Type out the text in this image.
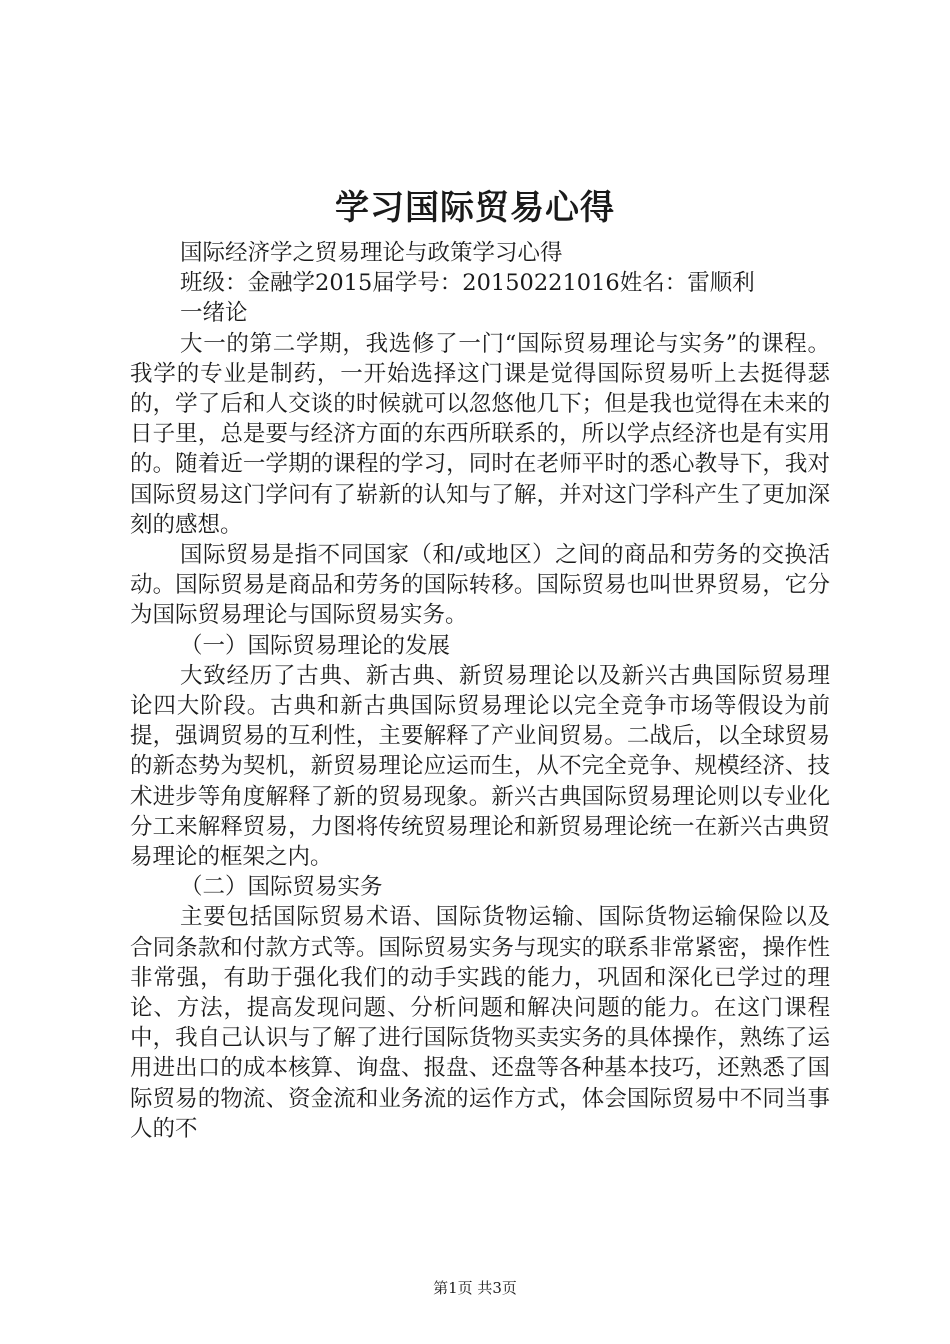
学习国际贸易心得

国际经济学之贸易理论与政策学习心得

班级：金融学2015届学号：20150221016姓名：雷顺利

一绪论

大一的第二学期，我选修了一门“国际贸易理论与实务”的课程。我学的专业是制药，一开始选择这门课是觉得国际贸易听上去挺得瑟的，学了后和人交谈的时候就可以忽悠他几下；但是我也觉得在未来的日子里，总是要与经济方面的东西所联系的，所以学点经济也是有实用的。随着近一学期的课程的学习，同时在老师平时的悉心教导下，我对国际贸易这门学问有了崭新的认知与了解，并对这门学科产生了更加深刻的感想。

国际贸易是指不同国家（和/或地区）之间的商品和劳务的交换活动。国际贸易是商品和劳务的国际转移。国际贸易也叫世界贸易，它分为国际贸易理论与国际贸易实务。

（一）国际贸易理论的发展

大致经历了古典、新古典、新贸易理论以及新兴古典国际贸易理论四大阶段。古典和新古典国际贸易理论以完全竞争市场等假设为前提，强调贸易的互利性，主要解释了产业间贸易。二战后，以全球贸易的新态势为契机，新贸易理论应运而生，从不完全竞争、规模经济、技术进步等角度解释了新的贸易现象。新兴古典国际贸易理论则以专业化分工来解释贸易，力图将传统贸易理论和新贸易理论统一在新兴古典贸易理论的框架之内。

（二）国际贸易实务

主要包括国际贸易术语、国际货物运输、国际货物运输保险以及合同条款和付款方式等。国际贸易实务与现实的联系非常紧密，操作性非常强，有助于强化我们的动手实践的能力，巩固和深化已学过的理论、方法，提高发现问题、分析问题和解决问题的能力。在这门课程中，我自己认识与了解了进行国际货物买卖实务的具体操作，熟练了运用进出口的成本核算、询盘、报盘、还盘等各种基本技巧，还熟悉了国际贸易的物流、资金流和业务流的运作方式，体会国际贸易中不同当事人的不

第1页 共3页
